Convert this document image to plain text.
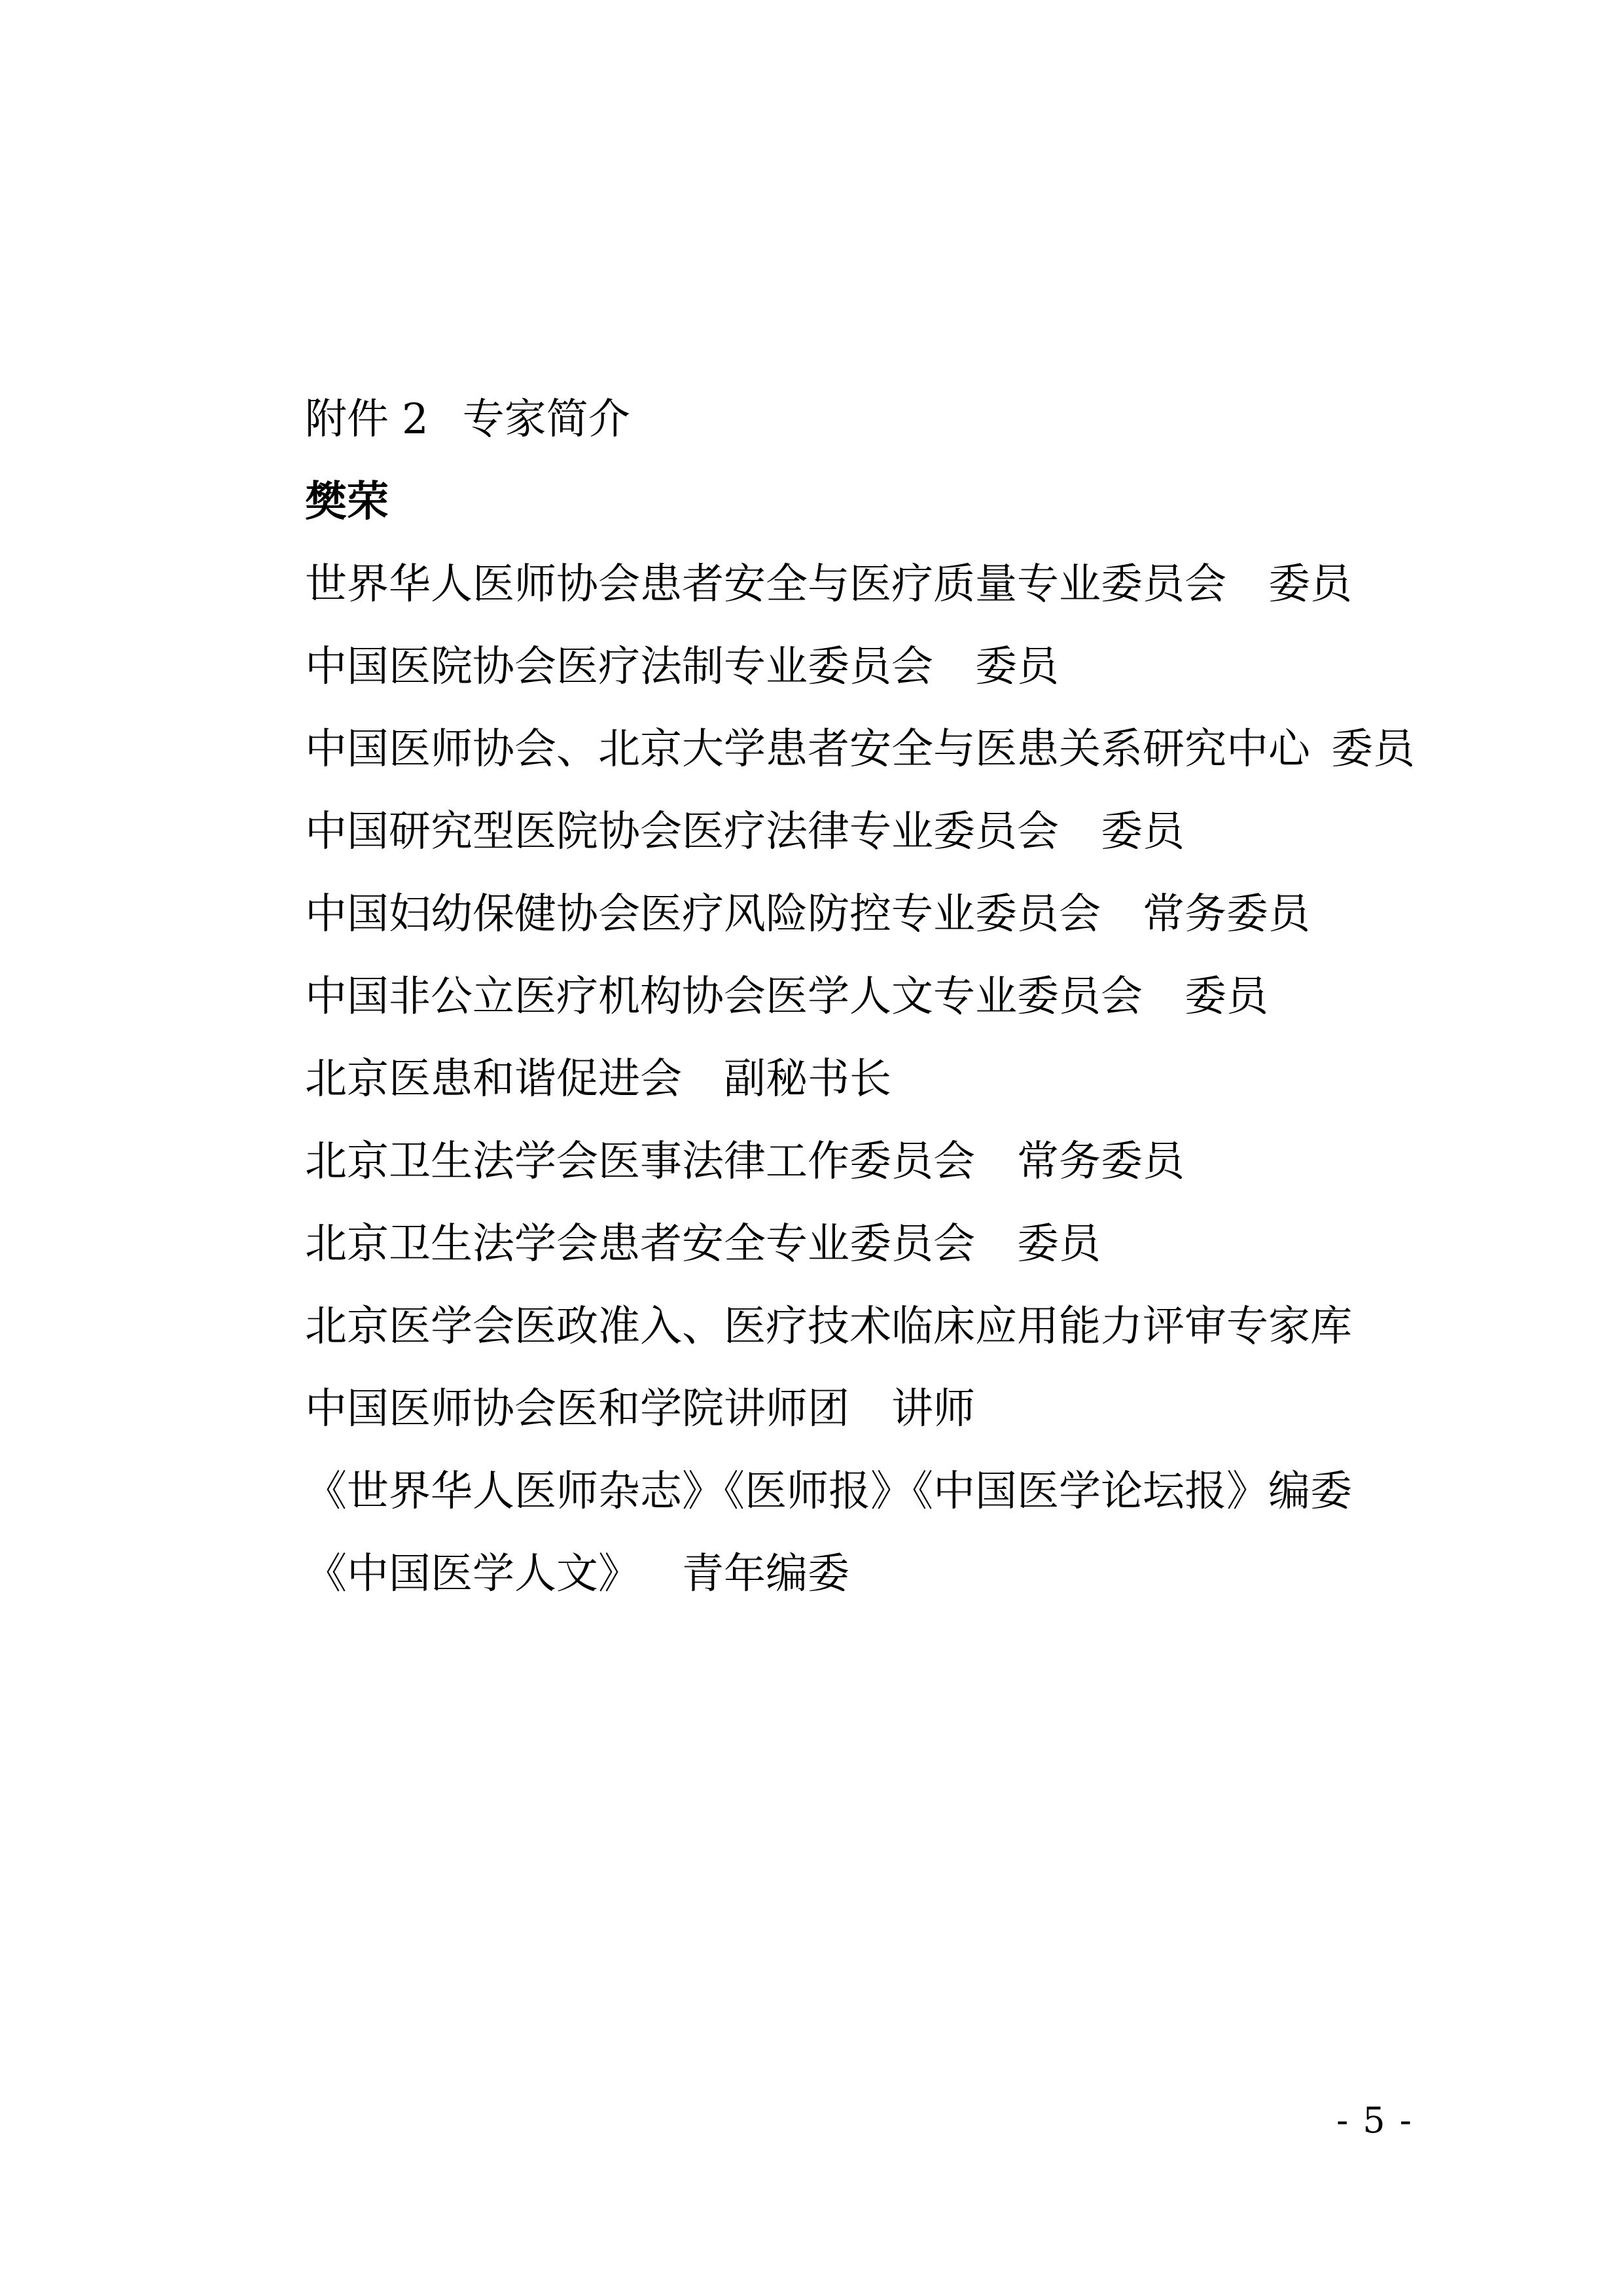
附件 2 专家简介
樊荣
世界华人医师协会患者安全与医疗质量专业委员会 委员
中国医院协会医疗法制专业委员会 委员
中国医师协会、北京大学患者安全与医患关系研究中心 委员
中国研究型医院协会医疗法律专业委员会 委员
中国妇幼保健协会医疗风险防控专业委员会 常务委员
中国非公立医疗机构协会医学人文专业委员会 委员
北京医患和谐促进会 副秘书长
北京卫生法学会医事法律工作委员会 常务委员
北京卫生法学会患者安全专业委员会 委员
北京医学会医政准入、医疗技术临床应用能力评审专家库
中国医师协会医和学院讲师团 讲师
《世界华人医师杂志》《医师报》《中国医学论坛报》编委
《中国医学人文》 青年编委
- 5 -
